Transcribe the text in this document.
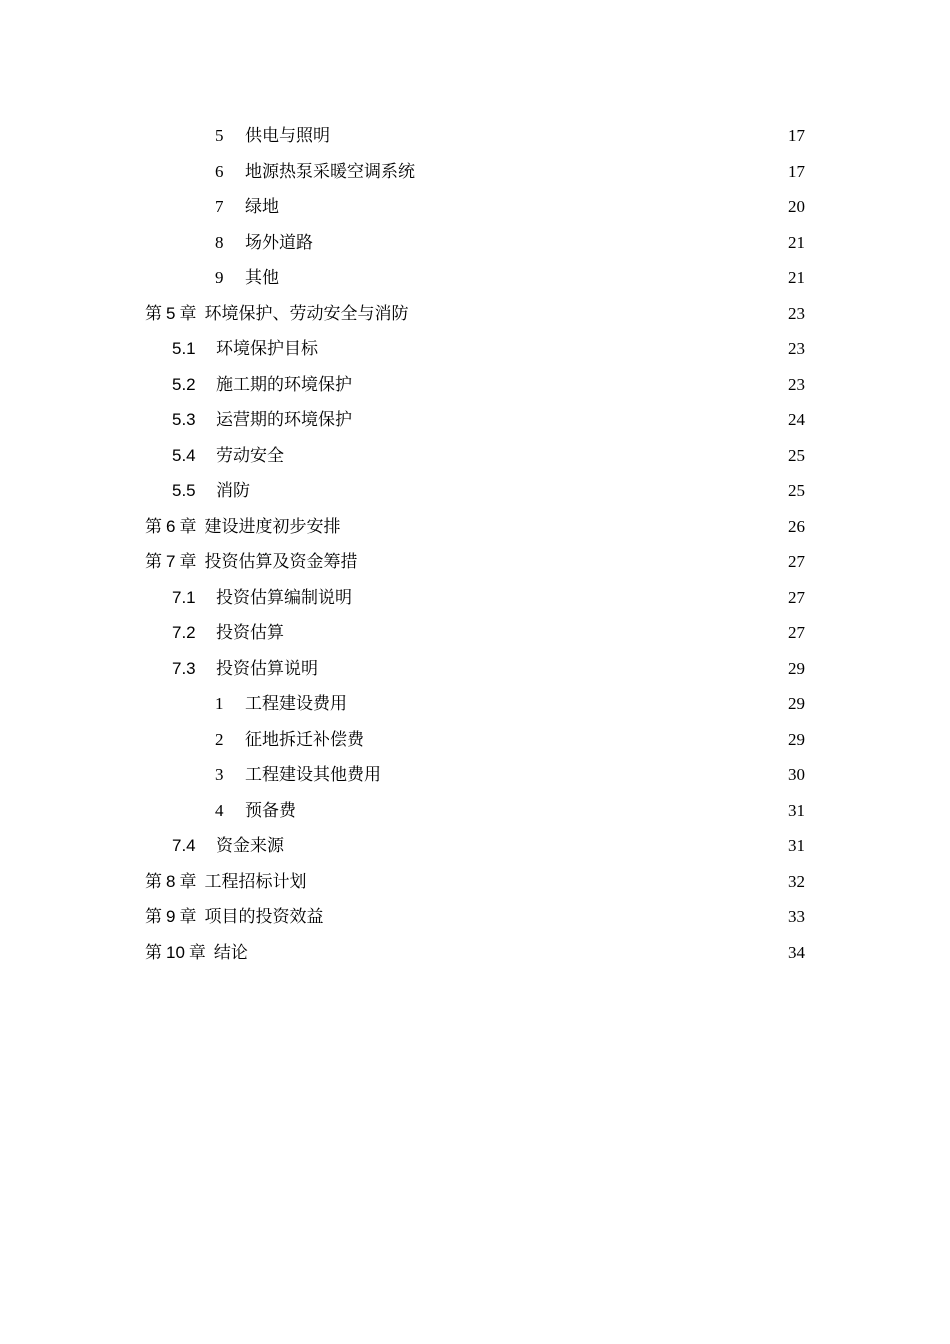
5	供电与照明	17
6	地源热泵采暖空调系统	17
7	绿地	20
8	场外道路	21
9	其他	21
第 5 章 环境保护、劳动安全与消防	23
5.1	环境保护目标	23
5.2	施工期的环境保护	23
5.3	运营期的环境保护	24
5.4	劳动安全	25
5.5	消防	25
第 6 章 建设进度初步安排	26
第 7 章 投资估算及资金筹措	27
7.1	投资估算编制说明	27
7.2	投资估算	27
7.3	投资估算说明	29
1	工程建设费用	29
2	征地拆迁补偿费	29
3	工程建设其他费用	30
4	预备费	31
7.4	资金来源	31
第 8 章 工程招标计划	32
第 9 章 项目的投资效益	33
第 10 章 结论	34
